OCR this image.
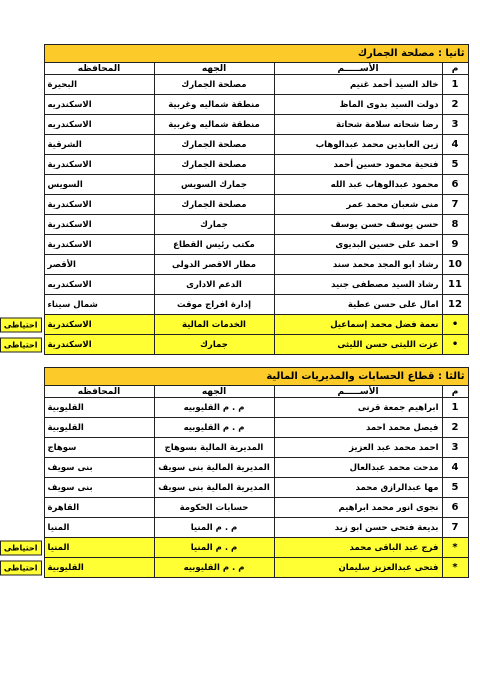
	ثانيا : مصلحة الجمارك			
	المحافظه	الجهه	الأســـــم	م
	البحيرة	مصلحة الجمارك	خالد السيد أحمد غنيم	1
	الاسكندريه	منطقة شماليه وغربية	دولت السيد بدوى الماظ	2
	الاسكندريه	منطقة شماليه وغربية	رضا شحاته سلامة شحاتة	3
	الشرقية	مصلحة الجمارك	زين العابدين محمد عبدالوهاب	4
	الاسكندرية	مصلحة الجمارك	فتحية محمود حسين أحمد	5
	السويس	جمارك السويس	محمود عبدالوهاب عبد الله	6
	الاسكندرية	مصلحة الجمارك	منى شعبان محمد عمر	7
	الاسكندرية	جمارك	حسن يوسف حسن يوسف	8
	الاسكندرية	مكتب رئيس القطاع	احمد على حسين البديوى	9
	الأقصر	مطار الاقصر الدولى	رشاد ابو المجد محمد سند	10
	الاسكندريه	الدعم الادارى	رشاد السيد مصطفى جنيد	11
	شمال سيناء	إدارة افراج موقت	امال على حسن عطية	12

احتياطى	الاسكندرية	الخدمات المالية	نعمة فضل محمد إسماعيل	•

احتياطى	الاسكندرية	جمارك	عزت الليثى حسن الليثى	•
	ثالثا : قطاع الحسابات والمديريات المالية			
	المحافظه	الجهه	الأســـــم	م
	القليوبية	م . م القليوبيه	ابراهيم جمعة قرنى	1
	القليوبية	م . م القليوبيه	فيصل محمد احمد	2
	سوهاج	المديرية المالية بسوهاج	احمد محمد عبد العزيز	3
	بنى سويف	المديرية المالية بنى سويف	مدحت محمد عبدالعال	4
	بنى سويف	المديرية المالية بنى سويف	مها عبدالرازق محمد	5
	القاهرة	حسابات الحكومة	نجوى انور محمد ابراهيم	6
	المنيا	م . م المنيا	بديعة فتحى حسن ابو زيد	7

احتياطى	المنيا	م . م المنيا	فرج عبد الباقى محمد	*

احتياطى	القليوبية	م . م القليوبيه	فتحى عبدالعزيز سليمان	*
